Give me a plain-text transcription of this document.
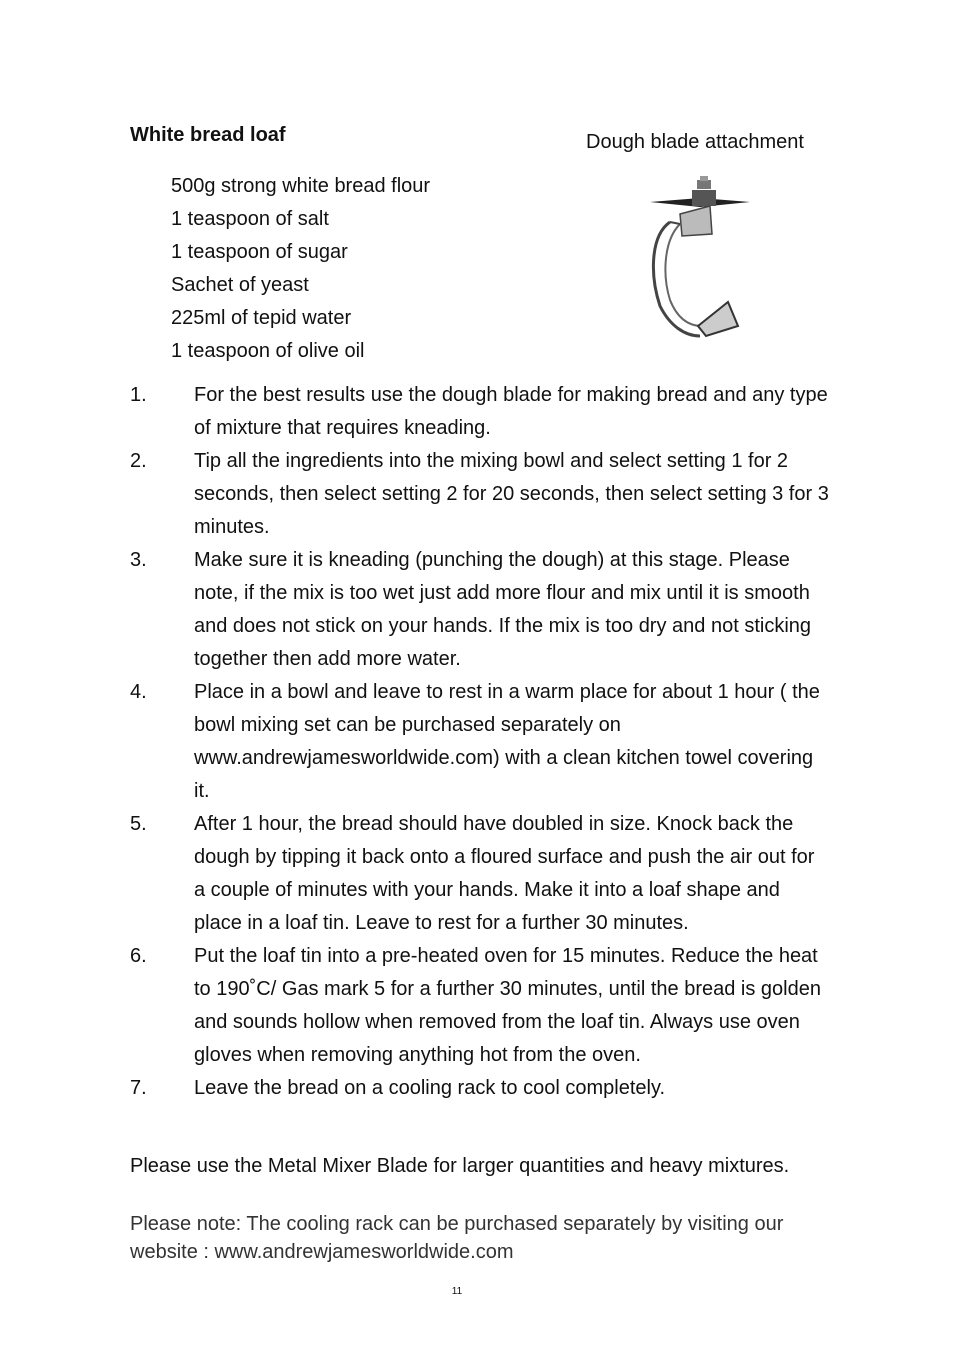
White bread loaf	Dough blade attachment
500g strong white bread flour
1 teaspoon of salt
1 teaspoon of sugar
Sachet of yeast
225ml of tepid water
1 teaspoon of olive oil
1. For the best results use the dough blade for making bread and any type of mixture that requires kneading.
2. Tip all the ingredients into the mixing bowl and select setting 1 for 2 seconds, then select setting 2 for 20 seconds, then select setting 3 for 3 minutes.
3. Make sure it is kneading (punching the dough) at this stage. Please note, if the mix is too wet just add more flour and mix until it is smooth and does not stick on your hands. If the mix is too dry and not sticking together then add more water.
4. Place in a bowl and leave to rest in a warm place for about 1 hour ( the bowl mixing set can be purchased separately on www.andrewjamesworldwide.com) with a clean kitchen towel covering it.
5. After 1 hour, the bread should have doubled in size. Knock back the dough by tipping it back onto a floured surface and push the air out for a couple of minutes with your hands. Make it into a loaf shape and place in a loaf tin. Leave to rest for a further 30 minutes.
6. Put the loaf tin into a pre-heated oven for 15 minutes. Reduce the heat to 190˚C/ Gas mark 5 for a further 30 minutes, until the bread is golden and sounds hollow when removed from the loaf tin. Always use oven gloves when removing anything hot from the oven.
7. Leave the bread on a cooling rack to cool completely.
Please use the Metal Mixer Blade for larger quantities and heavy mixtures.
Please note: The cooling rack can be purchased separately by visiting our website : www.andrewjamesworldwide.com
11
